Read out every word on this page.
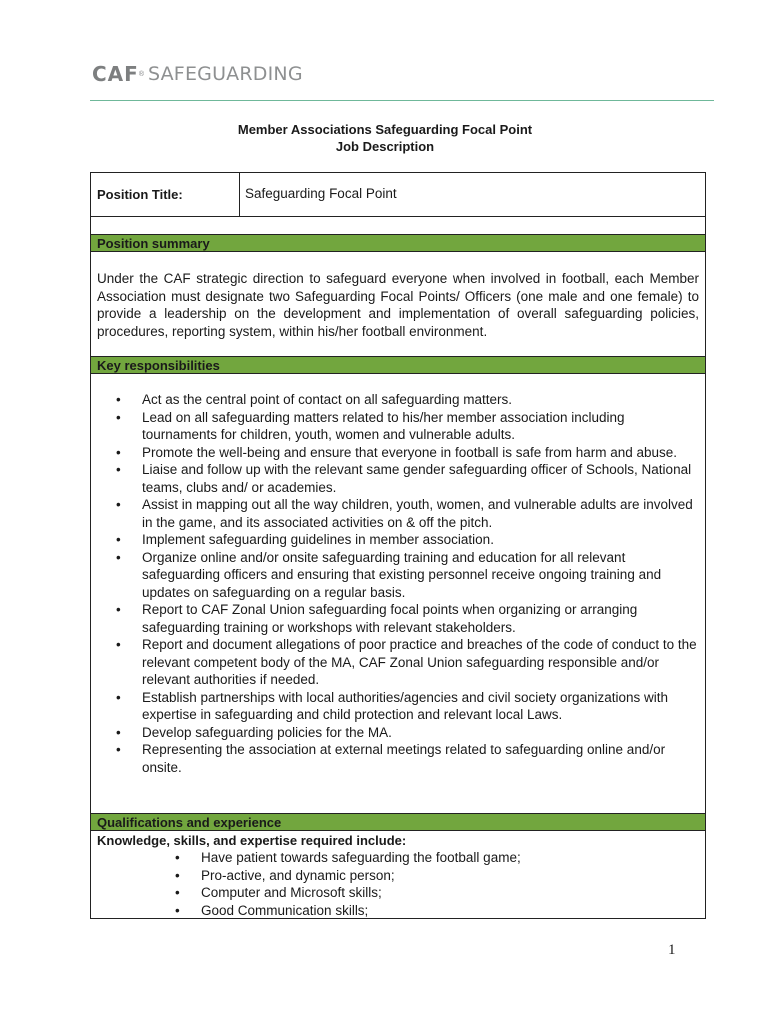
CAF ® SAFEGUARDING
Member Associations Safeguarding Focal Point
Job Description
Position Title:	Safeguarding Focal Point
Position summary
Under the CAF strategic direction to safeguard everyone when involved in football, each Member Association must designate two Safeguarding Focal Points/ Officers (one male and one female) to provide a leadership on the development and implementation of overall safeguarding policies, procedures, reporting system, within his/her football environment.
Key responsibilities
• Act as the central point of contact on all safeguarding matters.
• Lead on all safeguarding matters related to his/her member association including tournaments for children, youth, women and vulnerable adults.
• Promote the well-being and ensure that everyone in football is safe from harm and abuse.
• Liaise and follow up with the relevant same gender safeguarding officer of Schools, National teams, clubs and/ or academies.
• Assist in mapping out all the way children, youth, women, and vulnerable adults are involved in the game, and its associated activities on & off the pitch.
• Implement safeguarding guidelines in member association.
• Organize online and/or onsite safeguarding training and education for all relevant safeguarding officers and ensuring that existing personnel receive ongoing training and updates on safeguarding on a regular basis.
• Report to CAF Zonal Union safeguarding focal points when organizing or arranging safeguarding training or workshops with relevant stakeholders.
• Report and document allegations of poor practice and breaches of the code of conduct to the relevant competent body of the MA, CAF Zonal Union safeguarding responsible and/or relevant authorities if needed.
• Establish partnerships with local authorities/agencies and civil society organizations with expertise in safeguarding and child protection and relevant local Laws.
• Develop safeguarding policies for the MA.
• Representing the association at external meetings related to safeguarding online and/or onsite.
Qualifications and experience
Knowledge, skills, and expertise required include:
• Have patient towards safeguarding the football game;
• Pro-active, and dynamic person;
• Computer and Microsoft skills;
• Good Communication skills;
1
